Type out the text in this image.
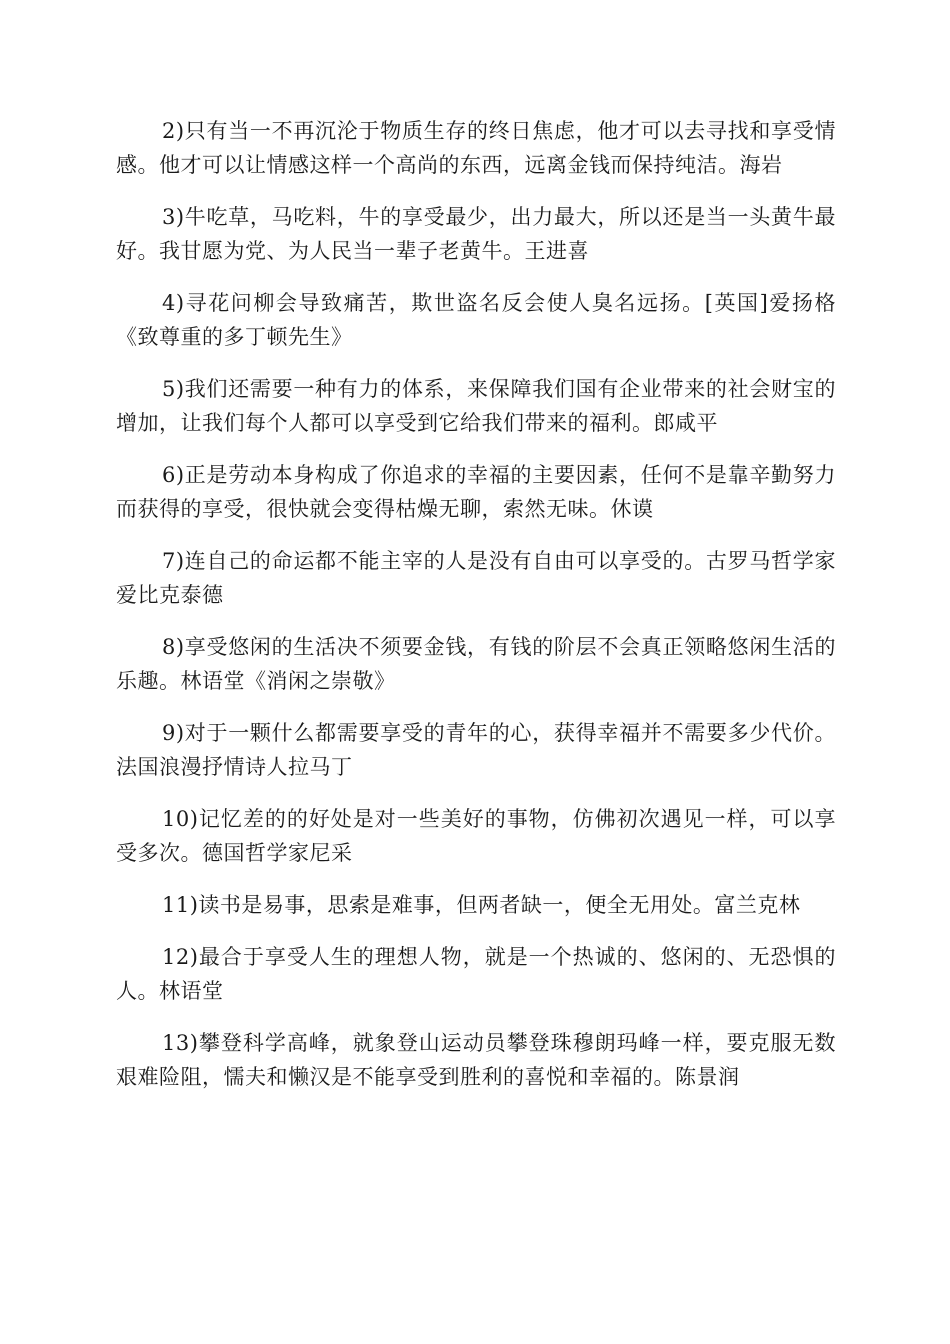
2)只有当一不再沉沦于物质生存的终日焦虑，他才可以去寻找和享受情感。他才可以让情感这样一个高尚的东西，远离金钱而保持纯洁。海岩

3)牛吃草，马吃料，牛的享受最少，出力最大，所以还是当一头黄牛最好。我甘愿为党、为人民当一辈子老黄牛。王进喜

4)寻花问柳会导致痛苦，欺世盗名反会使人臭名远扬。[英国]爱扬格《致尊重的多丁顿先生》

5)我们还需要一种有力的体系，来保障我们国有企业带来的社会财宝的增加，让我们每个人都可以享受到它给我们带来的福利。郎咸平

6)正是劳动本身构成了你追求的幸福的主要因素，任何不是靠辛勤努力而获得的享受，很快就会变得枯燥无聊，索然无味。休谟

7)连自己的命运都不能主宰的人是没有自由可以享受的。古罗马哲学家爱比克泰德

8)享受悠闲的生活决不须要金钱，有钱的阶层不会真正领略悠闲生活的乐趣。林语堂《消闲之崇敬》

9)对于一颗什么都需要享受的青年的心，获得幸福并不需要多少代价。法国浪漫抒情诗人拉马丁

10)记忆差的的好处是对一些美好的事物，仿佛初次遇见一样，可以享受多次。德国哲学家尼采

11)读书是易事，思索是难事，但两者缺一，便全无用处。富兰克林

12)最合于享受人生的理想人物，就是一个热诚的、悠闲的、无恐惧的人。林语堂

13)攀登科学高峰，就象登山运动员攀登珠穆朗玛峰一样，要克服无数艰难险阻，懦夫和懒汉是不能享受到胜利的喜悦和幸福的。陈景润
